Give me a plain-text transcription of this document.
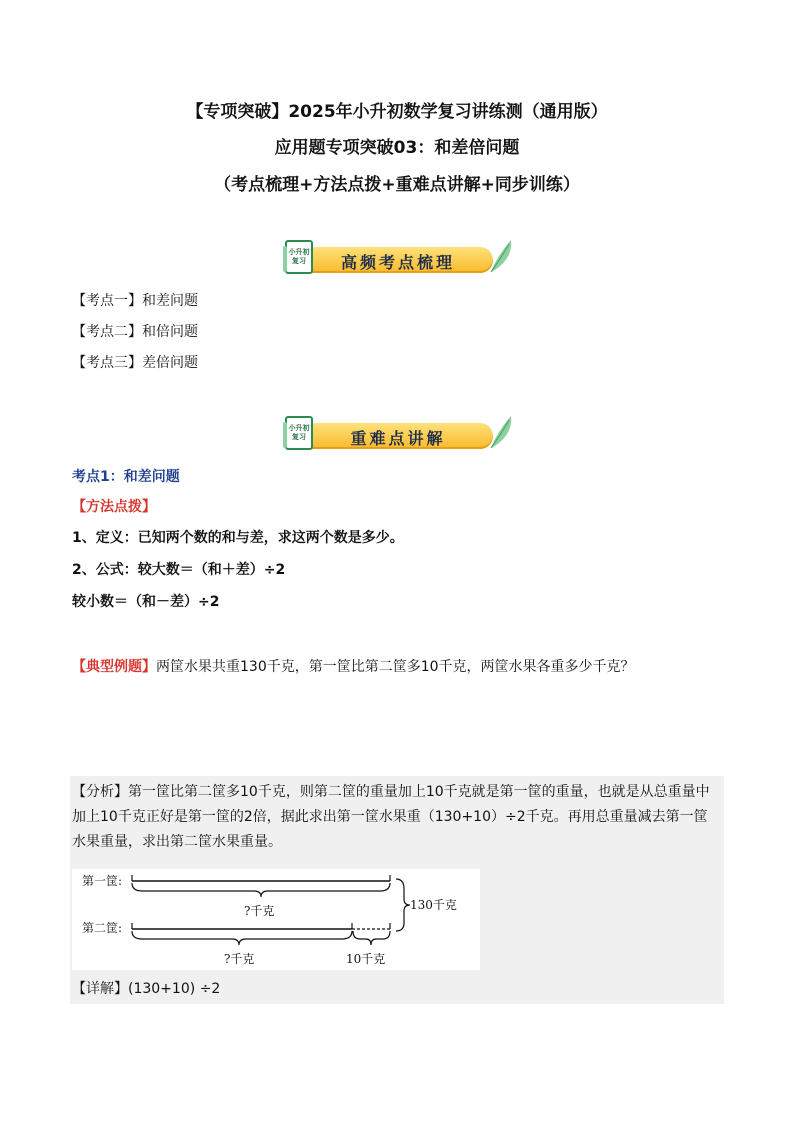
【专项突破】2025年小升初数学复习讲练测（通用版）
应用题专项突破03：和差倍问题
（考点梳理+方法点拨+重难点讲解+同步训练）
高频考点梳理
小升初复习
【考点一】和差问题
【考点二】和倍问题
【考点三】差倍问题
重难点讲解
小升初复习
考点1：和差问题
【方法点拨】
1、定义：已知两个数的和与差，求这两个数是多少。
2、公式：较大数＝（和＋差）÷2
较小数＝（和－差）÷2
【典型例题】两筐水果共重130千克，第一筐比第二筐多10千克，两筐水果各重多少千克？
【分析】第一筐比第二筐多10千克，则第二筐的重量加上10千克就是第一筐的重量，也就是从总重量中加上10千克正好是第一筐的2倍，据此求出第一筐水果重（130+10）÷2千克。再用总重量减去第一筐水果重量，求出第二筐水果重量。
第一筐:
?千克
第二筐:
?千克	10千克
130千克
【详解】(130+10) ÷2
